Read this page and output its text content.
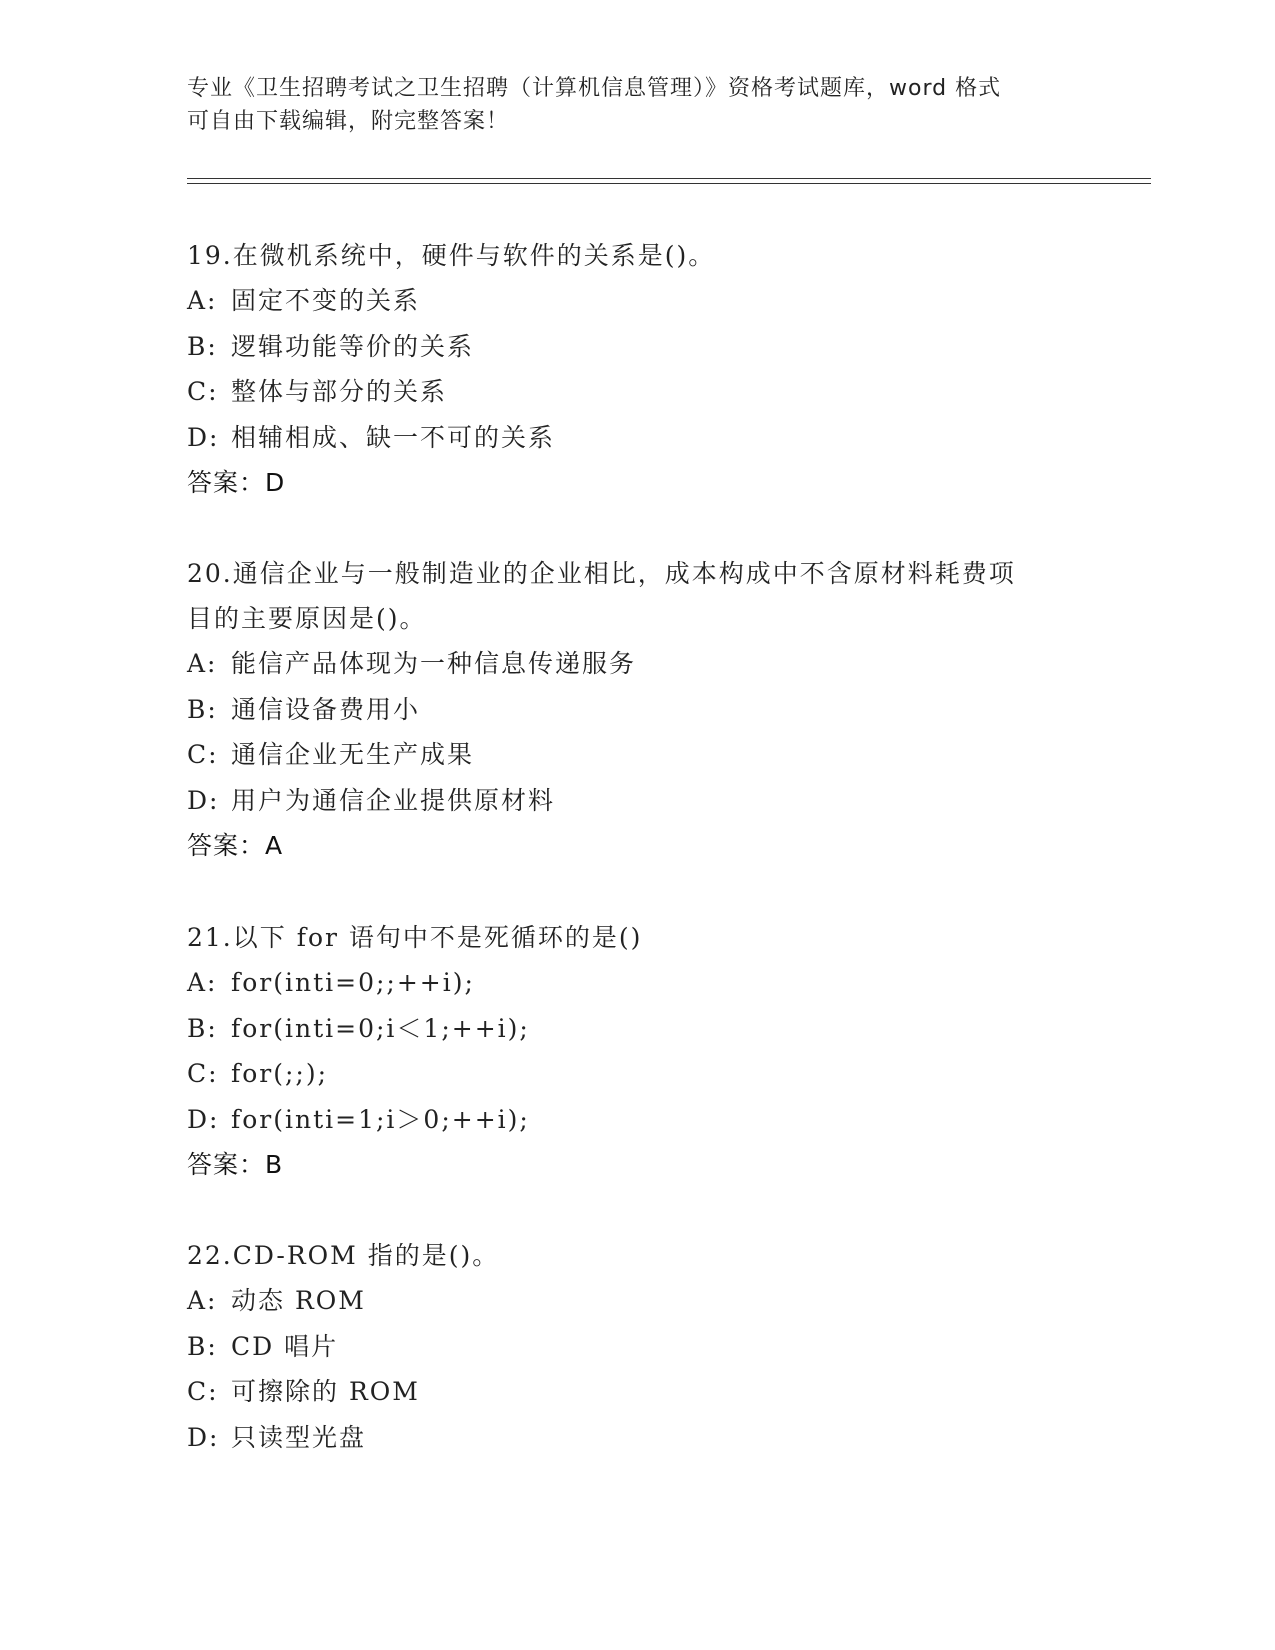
专业《卫生招聘考试之卫生招聘（计算机信息管理）》资格考试题库，word 格式
可自由下载编辑，附完整答案！
19.在微机系统中，硬件与软件的关系是()。
A: 固定不变的关系
B: 逻辑功能等价的关系
C: 整体与部分的关系
D: 相辅相成、缺一不可的关系
答案：D
20.通信企业与一般制造业的企业相比，成本构成中不含原材料耗费项
目的主要原因是()。
A: 能信产品体现为一种信息传递服务
B: 通信设备费用小
C: 通信企业无生产成果
D: 用户为通信企业提供原材料
答案：A
21.以下 for 语句中不是死循环的是()
A: for(inti=0;;++i);
B: for(inti=0;i＜1;++i);
C: for(;;);
D: for(inti=1;i＞0;++i);
答案：B
22.CD-ROM 指的是()。
A: 动态 ROM
B: CD 唱片
C: 可擦除的 ROM
D: 只读型光盘
